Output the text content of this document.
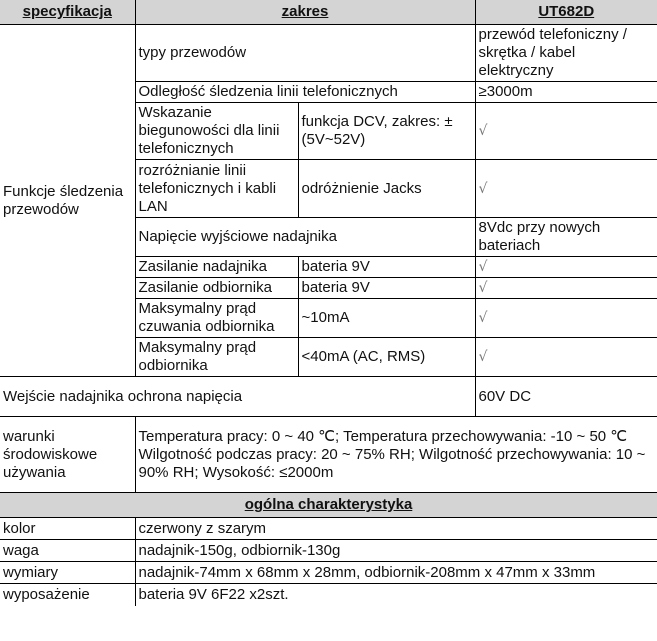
specyfikacja	zakres		UT682D
Funkcje śledzenia przewodów	typy przewodów		przewód telefoniczny / skrętka / kabel elektryczny
	Odległość śledzenia linii telefonicznych		≥3000m
	Wskazanie biegunowości dla linii telefonicznych	funkcja DCV, zakres: ±(5V~52V)	√
	rozróżnianie linii telefonicznych i kabli LAN	odróżnienie Jacks	√
	Napięcie wyjściowe nadajnika		8Vdc przy nowych bateriach
	Zasilanie nadajnika	bateria 9V	√
	Zasilanie odbiornika	bateria 9V	√
	Maksymalny prąd czuwania odbiornika	~10mA	√
	Maksymalny prąd odbiornika	<40mA (AC, RMS)	√
Wejście nadajnika ochrona napięcia			60V DC
warunki środowiskowe używania	Temperatura pracy: 0 ~ 40 ℃; Temperatura przechowywania: -10 ~ 50 ℃
Wilgotność podczas pracy: 20 ~ 75% RH; Wilgotność przechowywania: 10 ~ 90% RH; Wysokość: ≤2000m		

ogólna charakterystyka			
kolor	czerwony z szarym		
waga	nadajnik-150g, odbiornik-130g		
wymiary	nadajnik-74mm x 68mm x 28mm, odbiornik-208mm x 47mm x 33mm		
wyposażenie	bateria 9V 6F22 x2szt.		
